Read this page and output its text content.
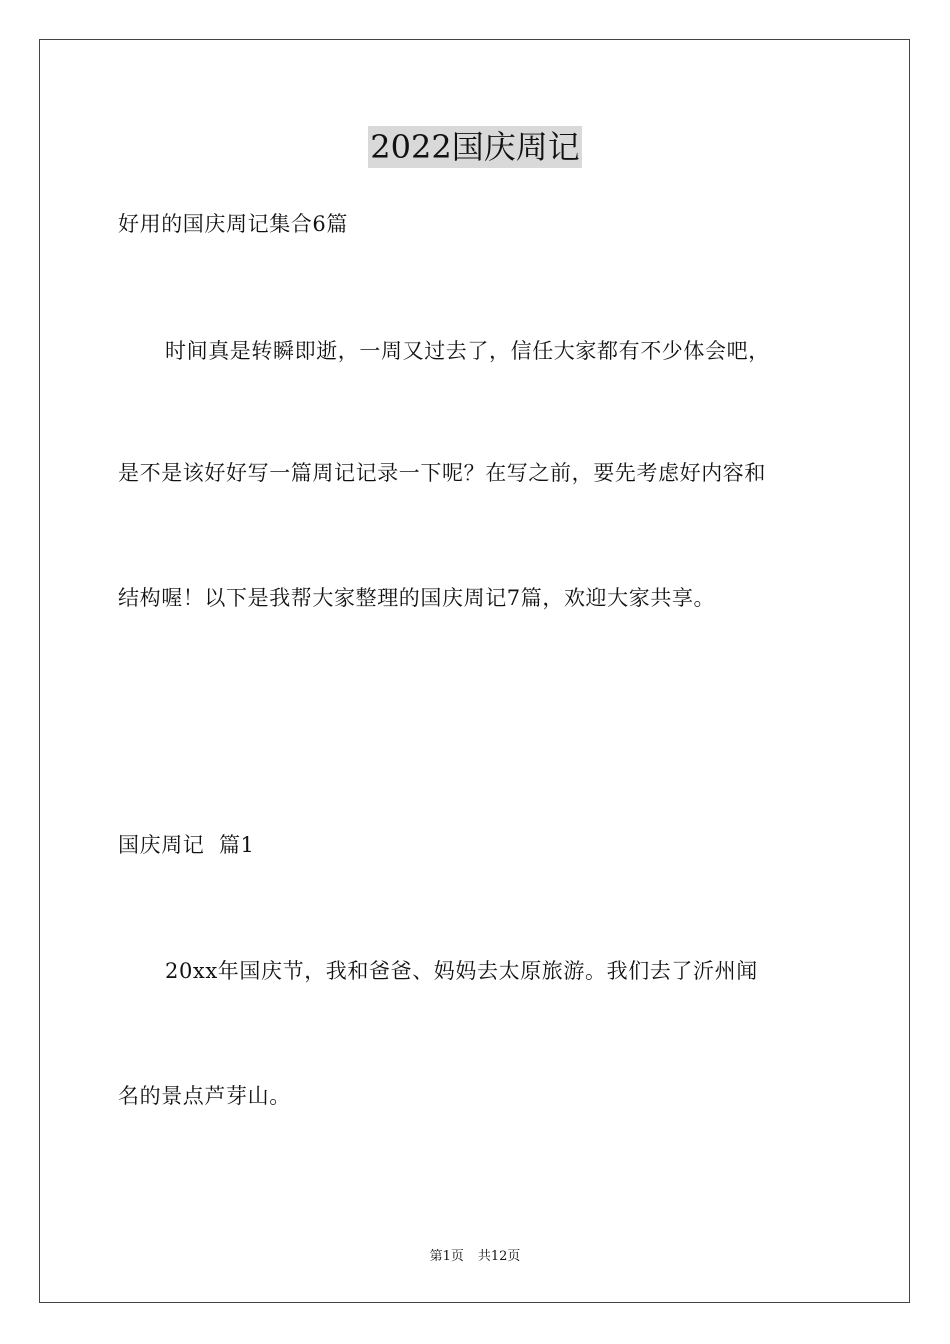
2022国庆周记
好用的国庆周记集合6篇
时间真是转瞬即逝，一周又过去了，信任大家都有不少体会吧，
是不是该好好写一篇周记记录一下呢？在写之前，要先考虑好内容和
结构喔！以下是我帮大家整理的国庆周记7篇，欢迎大家共享。
国庆周记  篇1
20xx年国庆节，我和爸爸、妈妈去太原旅游。我们去了沂州闻
名的景点芦芽山。
第1页 共12页
